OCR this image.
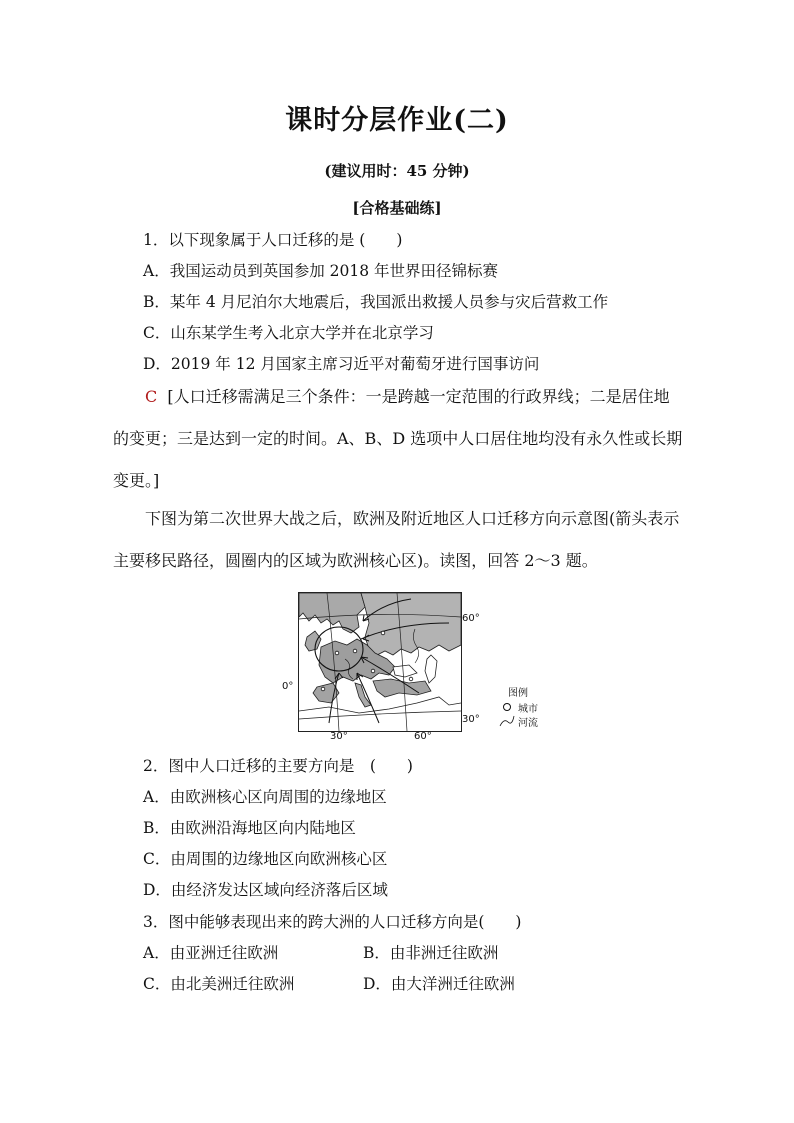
课时分层作业(二)
(建议用时：45 分钟)
[合格基础练]
1．以下现象属于人口迁移的是 (　　)
A．我国运动员到英国参加 2018 年世界田径锦标赛
B．某年 4 月尼泊尔大地震后，我国派出救援人员参与灾后营救工作
C．山东某学生考入北京大学并在北京学习
D．2019 年 12 月国家主席习近平对葡萄牙进行国事访问
C [人口迁移需满足三个条件：一是跨越一定范围的行政界线；二是居住地的变更；三是达到一定的时间。A、B、D 选项中人口居住地均没有永久性或长期变更。]
下图为第二次世界大战之后，欧洲及附近地区人口迁移方向示意图(箭头表示主要移民路径，圆圈内的区域为欧洲核心区)。读图，回答 2～3 题。
60°
30°
0°
30°	60°
图例
城市
河流
2．图中人口迁移的主要方向是　(　　)
A．由欧洲核心区向周围的边缘地区
B．由欧洲沿海地区向内陆地区
C．由周围的边缘地区向欧洲核心区
D．由经济发达区域向经济落后区域
3．图中能够表现出来的跨大洲的人口迁移方向是(　　)
A．由亚洲迁往欧洲	B．由非洲迁往欧洲
C．由北美洲迁往欧洲	D．由大洋洲迁往欧洲
